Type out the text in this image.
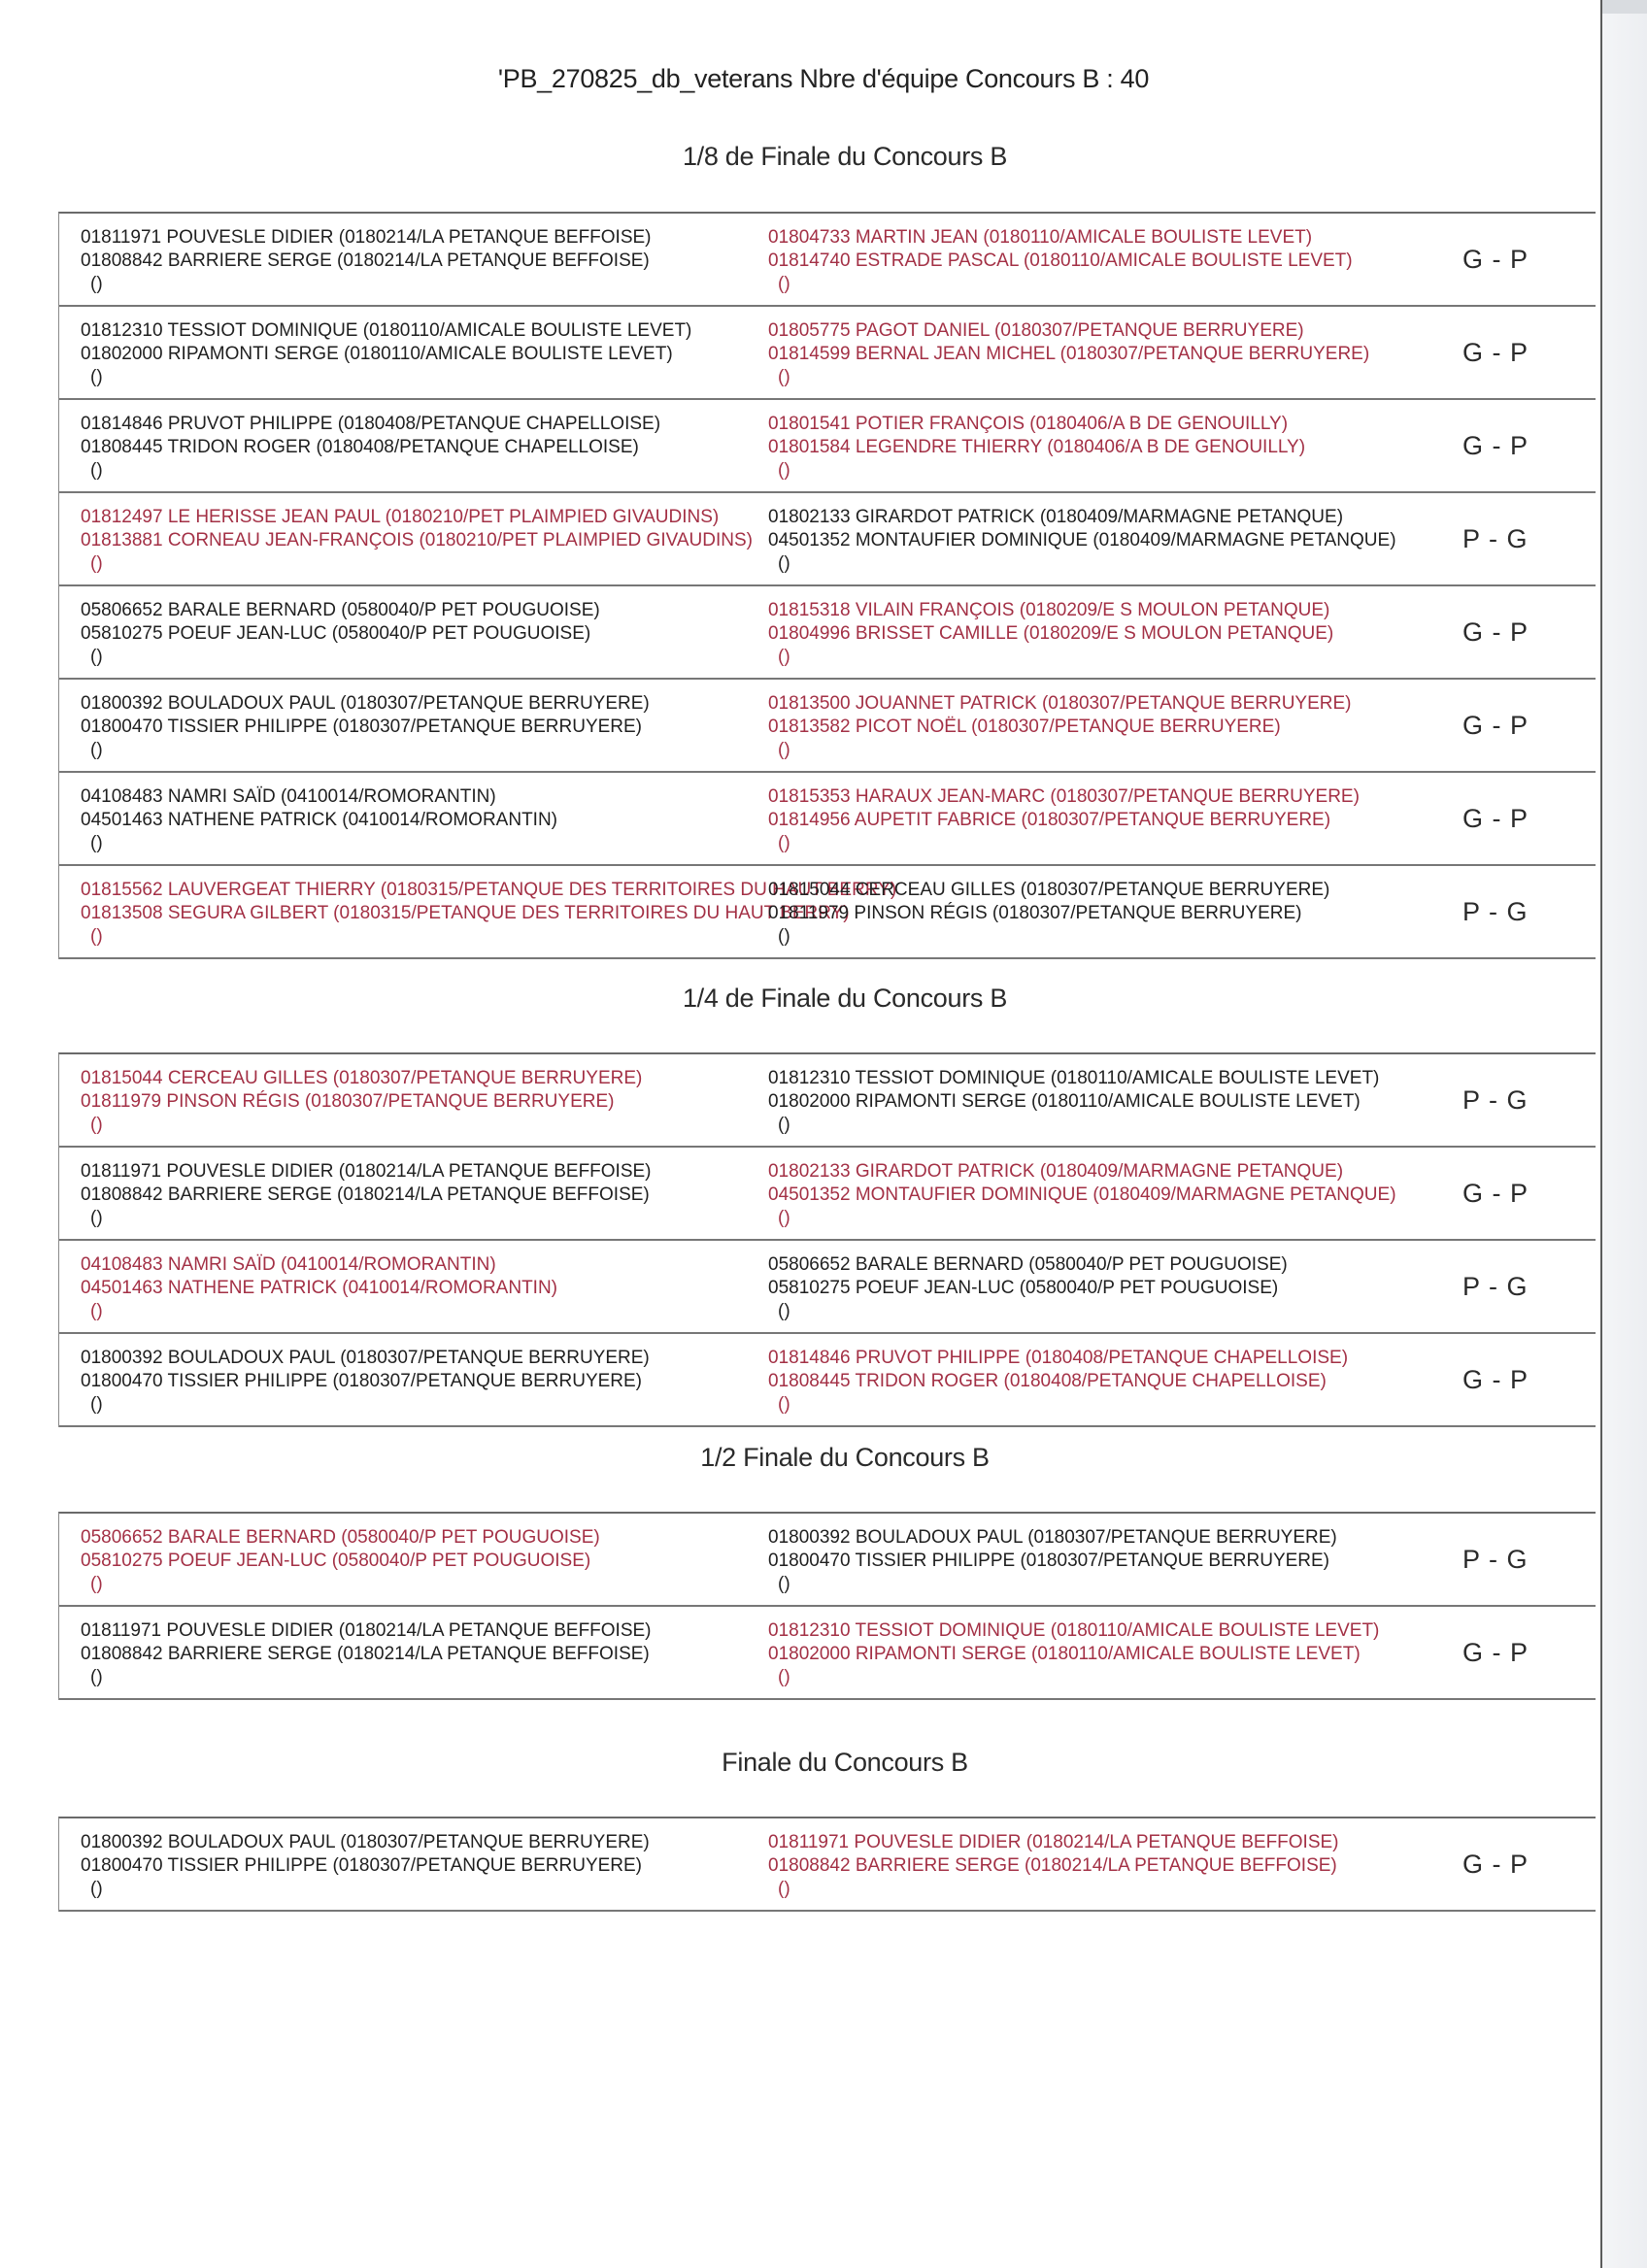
'PB_270825_db_veterans Nbre d'équipe Concours B : 40
1/8 de Finale du Concours B
01811971 POUVESLE DIDIER (0180214/LA PETANQUE BEFFOISE)
01808842 BARRIERE SERGE (0180214/LA PETANQUE BEFFOISE)
()
01804733 MARTIN JEAN (0180110/AMICALE BOULISTE LEVET)
01814740 ESTRADE PASCAL (0180110/AMICALE BOULISTE LEVET)
()
G - P
01812310 TESSIOT DOMINIQUE (0180110/AMICALE BOULISTE LEVET)
01802000 RIPAMONTI SERGE (0180110/AMICALE BOULISTE LEVET)
()
01805775 PAGOT DANIEL (0180307/PETANQUE BERRUYERE)
01814599 BERNAL JEAN MICHEL (0180307/PETANQUE BERRUYERE)
()
G - P
01814846 PRUVOT PHILIPPE (0180408/PETANQUE CHAPELLOISE)
01808445 TRIDON ROGER (0180408/PETANQUE CHAPELLOISE)
()
01801541 POTIER FRANÇOIS (0180406/A B DE GENOUILLY)
01801584 LEGENDRE THIERRY (0180406/A B DE GENOUILLY)
()
G - P
01812497 LE HERISSE JEAN PAUL (0180210/PET PLAIMPIED GIVAUDINS)
01813881 CORNEAU JEAN-FRANÇOIS (0180210/PET PLAIMPIED GIVAUDINS)
()
01802133 GIRARDOT PATRICK (0180409/MARMAGNE PETANQUE)
04501352 MONTAUFIER DOMINIQUE (0180409/MARMAGNE PETANQUE)
()
P - G
05806652 BARALE BERNARD (0580040/P PET POUGUOISE)
05810275 POEUF JEAN-LUC (0580040/P PET POUGUOISE)
()
01815318 VILAIN FRANÇOIS (0180209/E S MOULON PETANQUE)
01804996 BRISSET CAMILLE (0180209/E S MOULON PETANQUE)
()
G - P
01800392 BOULADOUX PAUL (0180307/PETANQUE BERRUYERE)
01800470 TISSIER PHILIPPE (0180307/PETANQUE BERRUYERE)
()
01813500 JOUANNET PATRICK (0180307/PETANQUE BERRUYERE)
01813582 PICOT NOËL (0180307/PETANQUE BERRUYERE)
()
G - P
04108483 NAMRI SAÏD (0410014/ROMORANTIN)
04501463 NATHENE PATRICK (0410014/ROMORANTIN)
()
01815353 HARAUX JEAN-MARC (0180307/PETANQUE BERRUYERE)
01814956 AUPETIT FABRICE (0180307/PETANQUE BERRUYERE)
()
G - P
01815562 LAUVERGEAT THIERRY (0180315/PETANQUE DES TERRITOIRES DU HAUT BERRY)
01813508 SEGURA GILBERT (0180315/PETANQUE DES TERRITOIRES DU HAUT BERRY)
()
01815044 CERCEAU GILLES (0180307/PETANQUE BERRUYERE)
01811979 PINSON RÉGIS (0180307/PETANQUE BERRUYERE)
()
P - G
1/4 de Finale du Concours B
01815044 CERCEAU GILLES (0180307/PETANQUE BERRUYERE)
01811979 PINSON RÉGIS (0180307/PETANQUE BERRUYERE)
()
01812310 TESSIOT DOMINIQUE (0180110/AMICALE BOULISTE LEVET)
01802000 RIPAMONTI SERGE (0180110/AMICALE BOULISTE LEVET)
()
P - G
01811971 POUVESLE DIDIER (0180214/LA PETANQUE BEFFOISE)
01808842 BARRIERE SERGE (0180214/LA PETANQUE BEFFOISE)
()
01802133 GIRARDOT PATRICK (0180409/MARMAGNE PETANQUE)
04501352 MONTAUFIER DOMINIQUE (0180409/MARMAGNE PETANQUE)
()
G - P
04108483 NAMRI SAÏD (0410014/ROMORANTIN)
04501463 NATHENE PATRICK (0410014/ROMORANTIN)
()
05806652 BARALE BERNARD (0580040/P PET POUGUOISE)
05810275 POEUF JEAN-LUC (0580040/P PET POUGUOISE)
()
P - G
01800392 BOULADOUX PAUL (0180307/PETANQUE BERRUYERE)
01800470 TISSIER PHILIPPE (0180307/PETANQUE BERRUYERE)
()
01814846 PRUVOT PHILIPPE (0180408/PETANQUE CHAPELLOISE)
01808445 TRIDON ROGER (0180408/PETANQUE CHAPELLOISE)
()
G - P
1/2 Finale du Concours B
05806652 BARALE BERNARD (0580040/P PET POUGUOISE)
05810275 POEUF JEAN-LUC (0580040/P PET POUGUOISE)
()
01800392 BOULADOUX PAUL (0180307/PETANQUE BERRUYERE)
01800470 TISSIER PHILIPPE (0180307/PETANQUE BERRUYERE)
()
P - G
01811971 POUVESLE DIDIER (0180214/LA PETANQUE BEFFOISE)
01808842 BARRIERE SERGE (0180214/LA PETANQUE BEFFOISE)
()
01812310 TESSIOT DOMINIQUE (0180110/AMICALE BOULISTE LEVET)
01802000 RIPAMONTI SERGE (0180110/AMICALE BOULISTE LEVET)
()
G - P
Finale du Concours B
01800392 BOULADOUX PAUL (0180307/PETANQUE BERRUYERE)
01800470 TISSIER PHILIPPE (0180307/PETANQUE BERRUYERE)
()
01811971 POUVESLE DIDIER (0180214/LA PETANQUE BEFFOISE)
01808842 BARRIERE SERGE (0180214/LA PETANQUE BEFFOISE)
()
G - P
